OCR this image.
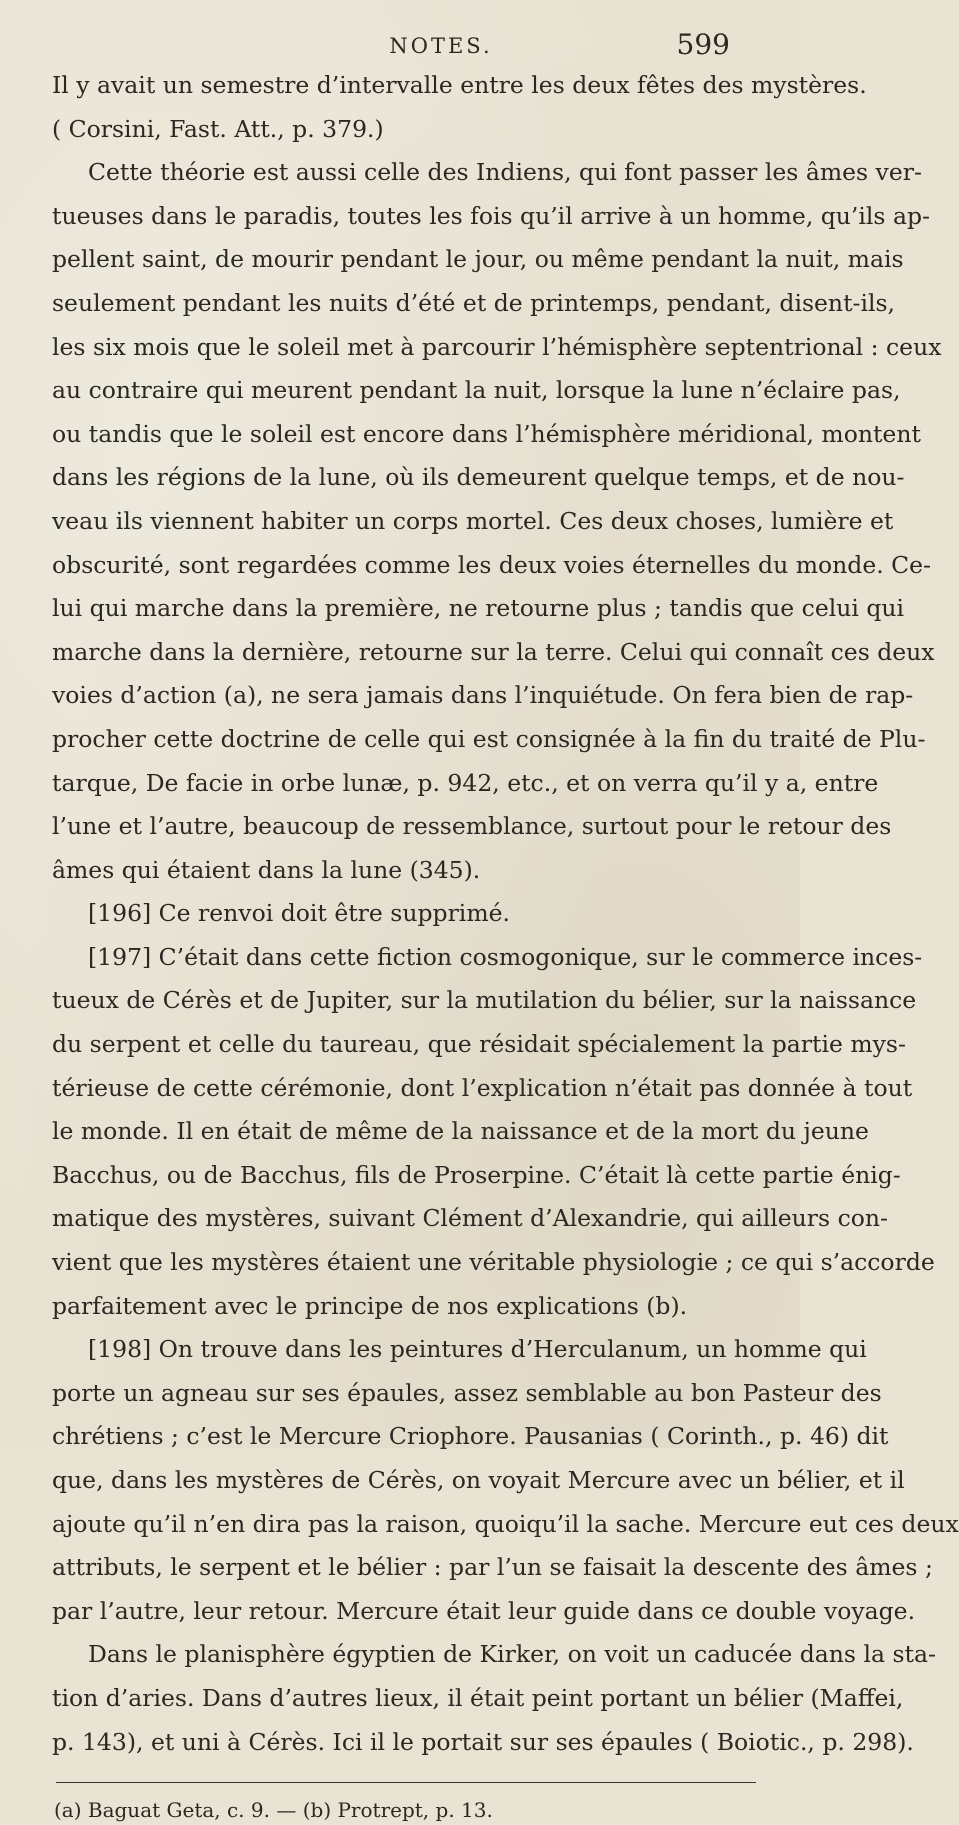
NOTES.	599
Il y avait un semestre d’intervalle entre les deux fêtes des mystères.
( Corsini, Fast. Att., p. 379.)
Cette théorie est aussi celle des Indiens, qui font passer les âmes ver-
tueuses dans le paradis, toutes les fois qu’il arrive à un homme, qu’ils ap-
pellent saint, de mourir pendant le jour, ou même pendant la nuit, mais
seulement pendant les nuits d’été et de printemps, pendant, disent-ils,
les six mois que le soleil met à parcourir l’hémisphère septentrional : ceux
au contraire qui meurent pendant la nuit, lorsque la lune n’éclaire pas,
ou tandis que le soleil est encore dans l’hémisphère méridional, montent
dans les régions de la lune, où ils demeurent quelque temps, et de nou-
veau ils viennent habiter un corps mortel. Ces deux choses, lumière et
obscurité, sont regardées comme les deux voies éternelles du monde. Ce-
lui qui marche dans la première, ne retourne plus ; tandis que celui qui
marche dans la dernière, retourne sur la terre. Celui qui connaît ces deux
voies d’action (a), ne sera jamais dans l’inquiétude. On fera bien de rap-
procher cette doctrine de celle qui est consignée à la fin du traité de Plu-
tarque, De facie in orbe lunæ, p. 942, etc., et on verra qu’il y a, entre
l’une et l’autre, beaucoup de ressemblance, surtout pour le retour des
âmes qui étaient dans la lune (345).
[196] Ce renvoi doit être supprimé.
[197] C’était dans cette fiction cosmogonique, sur le commerce inces-
tueux de Cérès et de Jupiter, sur la mutilation du bélier, sur la naissance
du serpent et celle du taureau, que résidait spécialement la partie mys-
térieuse de cette cérémonie, dont l’explication n’était pas donnée à tout
le monde. Il en était de même de la naissance et de la mort du jeune
Bacchus, ou de Bacchus, fils de Proserpine. C’était là cette partie énig-
matique des mystères, suivant Clément d’Alexandrie, qui ailleurs con-
vient que les mystères étaient une véritable physiologie ; ce qui s’accorde
parfaitement avec le principe de nos explications (b).
[198] On trouve dans les peintures d’Herculanum, un homme qui
porte un agneau sur ses épaules, assez semblable au bon Pasteur des
chrétiens ; c’est le Mercure Criophore. Pausanias ( Corinth., p. 46) dit
que, dans les mystères de Cérès, on voyait Mercure avec un bélier, et il
ajoute qu’il n’en dira pas la raison, quoiqu’il la sache. Mercure eut ces deux
attributs, le serpent et le bélier : par l’un se faisait la descente des âmes ;
par l’autre, leur retour. Mercure était leur guide dans ce double voyage.
Dans le planisphère égyptien de Kirker, on voit un caducée dans la sta-
tion d’aries. Dans d’autres lieux, il était peint portant un bélier (Maffei,
p. 143), et uni à Cérès. Ici il le portait sur ses épaules ( Boiotic., p. 298).
(a) Baguat Geta, c. 9. — (b) Protrept, p. 13.
